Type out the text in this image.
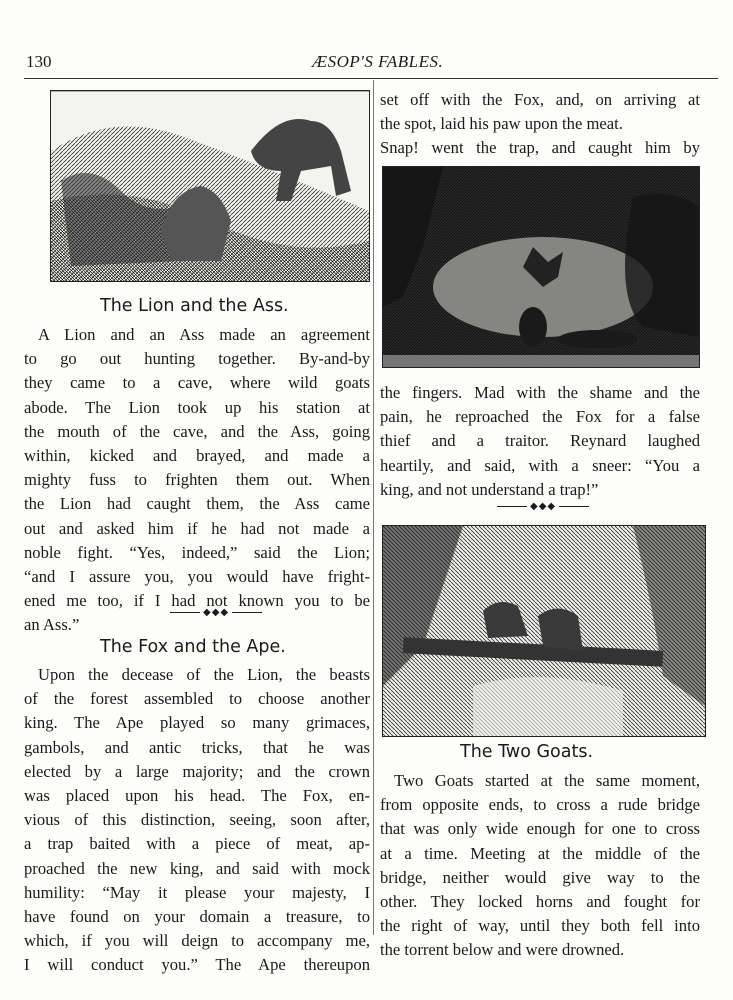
130	ÆSOP'S FABLES.
The Lion and the Ass.

A Lion and an Ass made an agreement

to go out hunting together. By-and-by
they came to a cave, where wild goats
abode. The Lion took up his station at
the mouth of the cave, and the Ass, going
within, kicked and brayed, and made a
mighty fuss to frighten them out. When
the Lion had caught them, the Ass came
out and asked him if he had not made a
noble fight. “Yes, indeed,” said the Lion;
“and I assure you, you would have fright-
ened me too, if I had not known you to be
an Ass.”
◆◆◆
The Fox and the Ape.

Upon the decease of the Lion, the beasts

of the forest assembled to choose another
king. The Ape played so many grimaces,
gambols, and antic tricks, that he was
elected by a large majority; and the crown
was placed upon his head. The Fox, en-
vious of this distinction, seeing, soon after,
a trap baited with a piece of meat, ap-
proached the new king, and said with mock
humility: “May it please your majesty, I
have found on your domain a treasure, to
which, if you will deign to accompany me,
I will conduct you.” The Ape thereupon
set off with the Fox, and, on arriving at
the spot, laid his paw upon the meat.
Snap! went the trap, and caught him by
the fingers. Mad with the shame and the
pain, he reproached the Fox for a false
thief and a traitor. Reynard laughed
heartily, and said, with a sneer: “You a
king, and not understand a trap!”
◆◆◆
The Two Goats.

Two Goats started at the same moment,

from opposite ends, to cross a rude bridge
that was only wide enough for one to cross
at a time. Meeting at the middle of the
bridge, neither would give way to the
other. They locked horns and fought for
the right of way, until they both fell into
the torrent below and were drowned.
